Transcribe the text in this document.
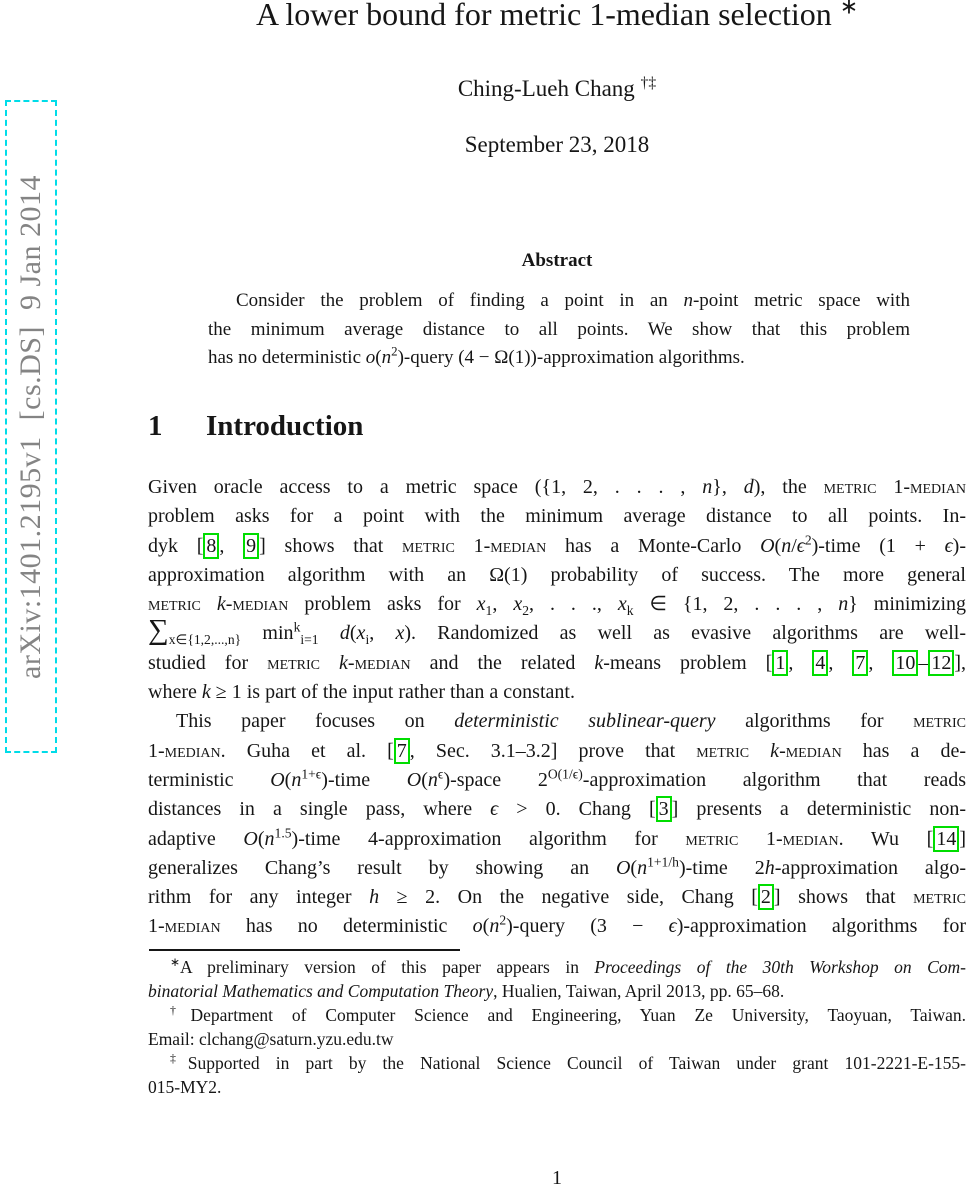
arXiv:1401.2195v1  [cs.DS]  9 Jan 2014
A lower bound for metric 1-median selection ∗
Ching-Lueh Chang †‡
September 23, 2018
Abstract
Consider the problem of finding a point in an n-point metric space with
the minimum average distance to all points. We show that this problem
has no deterministic $o(n^2)$-query (4 − Ω(1))-approximation algorithms.
1 Introduction
Given oracle access to a metric space ({1, 2, . . . , n}, d), the metric 1-median
problem asks for a point with the minimum average distance to all points. In-
dyk [ 8 , 9 ] shows that metric 1-median has a Monte-Carlo $O(n/\epsilon^2)$-time (1 + ϵ)-
approximation algorithm with an Ω(1) probability of success. The more general
metric k-median problem asks for $x_1$, $x_2$, . . ., $x_k$ ∈ {1, 2, . . . , n} minimizing
$\sum_{x\in\{1,2,...,n\}}$ $\min^k_{i=1} d(x_i$, x). Randomized as well as evasive algorithms are well-
studied for metric k-median and the related k-means problem [ 1 , 4 , 7 , 10 – 12 ],
where k ≥ 1 is part of the input rather than a constant.
This paper focuses on deterministic sublinear-query algorithms for metric
1-median. Guha et al. [ 7 , Sec. 3.1–3.2] prove that metric k-median has a de-
terministic $O(n^{1+\epsilon})$-time $O(n^\epsilon)$-space $2^{O(1/\epsilon)}$-approximation algorithm that reads
distances in a single pass, where ϵ > 0. Chang [ 3 ] presents a deterministic non-
adaptive $O(n^{1.5})$-time 4-approximation algorithm for metric 1-median. Wu [ 14 ]
generalizes Chang’s result by showing an $O(n^{1+1/h})$-time 2h-approximation algo-
rithm for any integer h ≥ 2. On the negative side, Chang [ 2 ] shows that metric
1-median has no deterministic $o(n^2)$-query (3 − ϵ)-approximation algorithms for
∗A preliminary version of this paper appears in Proceedings of the 30th Workshop on Com-
binatorial Mathematics and Computation Theory, Hualien, Taiwan, April 2013, pp. 65–68.
†Department of Computer Science and Engineering, Yuan Ze University, Taoyuan, Taiwan.
Email: clchang@saturn.yzu.edu.tw
‡Supported in part by the National Science Council of Taiwan under grant 101-2221-E-155-
015-MY2.
1
